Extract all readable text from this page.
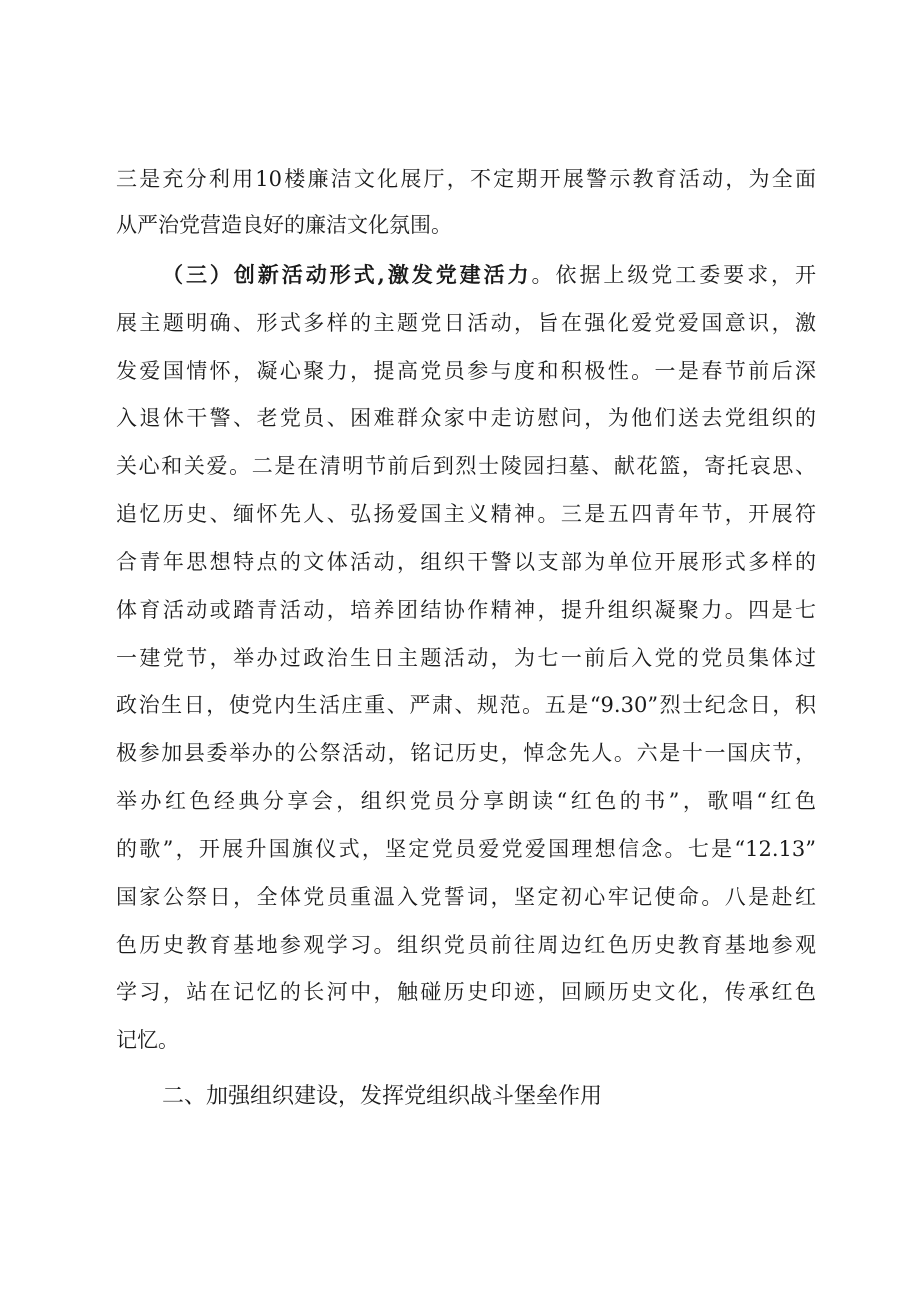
三是充分利用10楼廉洁文化展厅，不定期开展警示教育活动，为全面
从严治党营造良好的廉洁文化氛围。
（三）创新活动形式,激发党建活力。依据上级党工委要求，开
展主题明确、形式多样的主题党日活动，旨在强化爱党爱国意识，激
发爱国情怀，凝心聚力，提高党员参与度和积极性。一是春节前后深
入退休干警、老党员、困难群众家中走访慰问，为他们送去党组织的
关心和关爱。二是在清明节前后到烈士陵园扫墓、献花篮，寄托哀思、
追忆历史、缅怀先人、弘扬爱国主义精神。三是五四青年节，开展符
合青年思想特点的文体活动，组织干警以支部为单位开展形式多样的
体育活动或踏青活动，培养团结协作精神，提升组织凝聚力。四是七
一建党节，举办过政治生日主题活动，为七一前后入党的党员集体过
政治生日，使党内生活庄重、严肃、规范。五是“9.30”烈士纪念日，积
极参加县委举办的公祭活动，铭记历史，悼念先人。六是十一国庆节，
举办红色经典分享会，组织党员分享朗读“红色的书”，歌唱“红色
的歌”，开展升国旗仪式，坚定党员爱党爱国理想信念。七是“12.13”
国家公祭日，全体党员重温入党誓词，坚定初心牢记使命。八是赴红
色历史教育基地参观学习。组织党员前往周边红色历史教育基地参观
学习，站在记忆的长河中，触碰历史印迹，回顾历史文化，传承红色
记忆。
二、加强组织建设，发挥党组织战斗堡垒作用
